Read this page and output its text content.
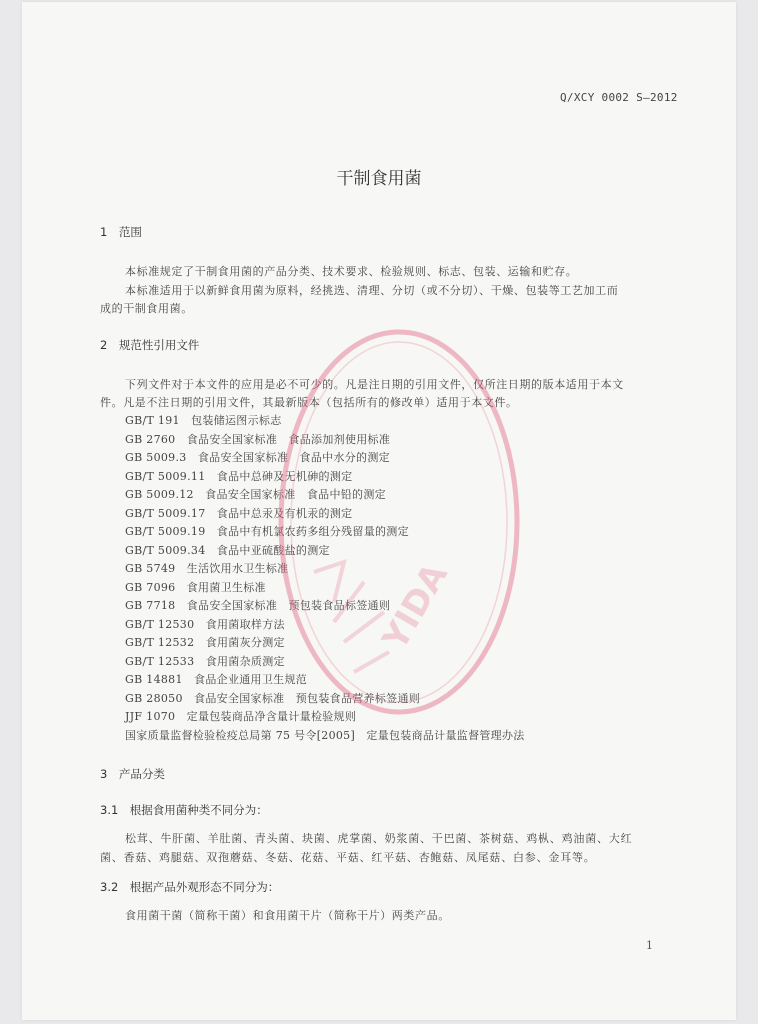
Q/XCY 0002 S—2012
干制食用菌
1　范围
本标准规定了干制食用菌的产品分类、技术要求、检验规则、标志、包装、运输和贮存。
本标准适用于以新鲜食用菌为原料，经挑选、清理、分切（或不分切）、干燥、包装等工艺加工而
成的干制食用菌。
2　规范性引用文件
下列文件对于本文件的应用是必不可少的。凡是注日期的引用文件，仅所注日期的版本适用于本文
件。凡是不注日期的引用文件，其最新版本（包括所有的修改单）适用于本文件。
GB/T 191　包装储运图示标志
GB 2760　食品安全国家标准　食品添加剂使用标准
GB 5009.3　食品安全国家标准　食品中水分的测定
GB/T 5009.11　食品中总砷及无机砷的测定
GB 5009.12　食品安全国家标准　食品中铅的测定
GB/T 5009.17　食品中总汞及有机汞的测定
GB/T 5009.19　食品中有机氯农药多组分残留量的测定
GB/T 5009.34　食品中亚硫酸盐的测定
GB 5749　生活饮用水卫生标准
GB 7096　食用菌卫生标准
GB 7718　食品安全国家标准　预包装食品标签通则
GB/T 12530　食用菌取样方法
GB/T 12532　食用菌灰分测定
GB/T 12533　食用菌杂质测定
GB 14881　食品企业通用卫生规范
GB 28050　食品安全国家标准　预包装食品营养标签通则
JJF 1070　定量包装商品净含量计量检验规则
国家质量监督检验检疫总局第 75 号令[2005]　定量包装商品计量监督管理办法
3　产品分类
3.1　根据食用菌种类不同分为：
松茸、牛肝菌、羊肚菌、青头菌、块菌、虎掌菌、奶浆菌、干巴菌、茶树菇、鸡枞、鸡油菌、大红
菌、香菇、鸡腿菇、双孢蘑菇、冬菇、花菇、平菇、红平菇、杏鲍菇、凤尾菇、白参、金耳等。
3.2　根据产品外观形态不同分为：
食用菌干菌（简称干菌）和食用菌干片（简称干片）两类产品。
1
YIDA
